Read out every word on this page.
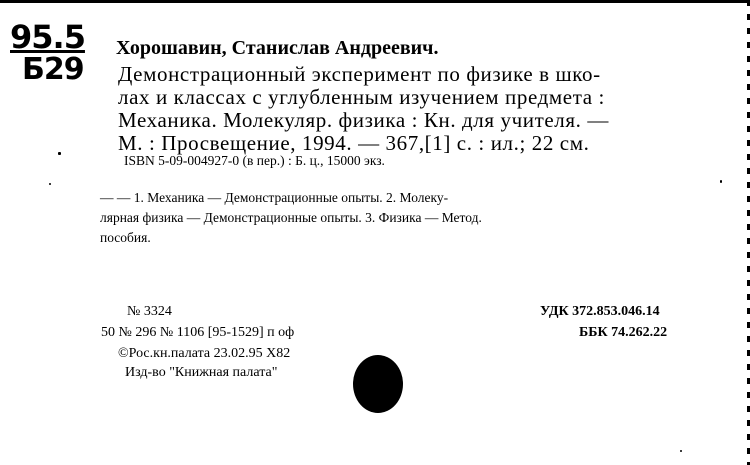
95.5
Б29
Хорошавин, Станислав Андреевич.
Демонстрационный эксперимент по физике в шко-
лах и классах с углубленным изучением предмета :
Механика. Молекуляр. физика : Кн. для учителя. —
М. : Просвещение, 1994. — 367,[1] с. : ил.; 22 см.
ISBN 5-09-004927-0 (в пер.) : Б. ц., 15000 экз.
— — 1. Механика — Демонстрационные опыты. 2. Молеку-
лярная физика — Демонстрационные опыты. 3. Физика — Метод.
пособия.
№ 3324
50 № 296 № 1106 [95-1529] п оф
©Рос.кн.палата 23.02.95 X82
Изд-во "Книжная палата"
УДК 372.853.046.14
ББК 74.262.22
